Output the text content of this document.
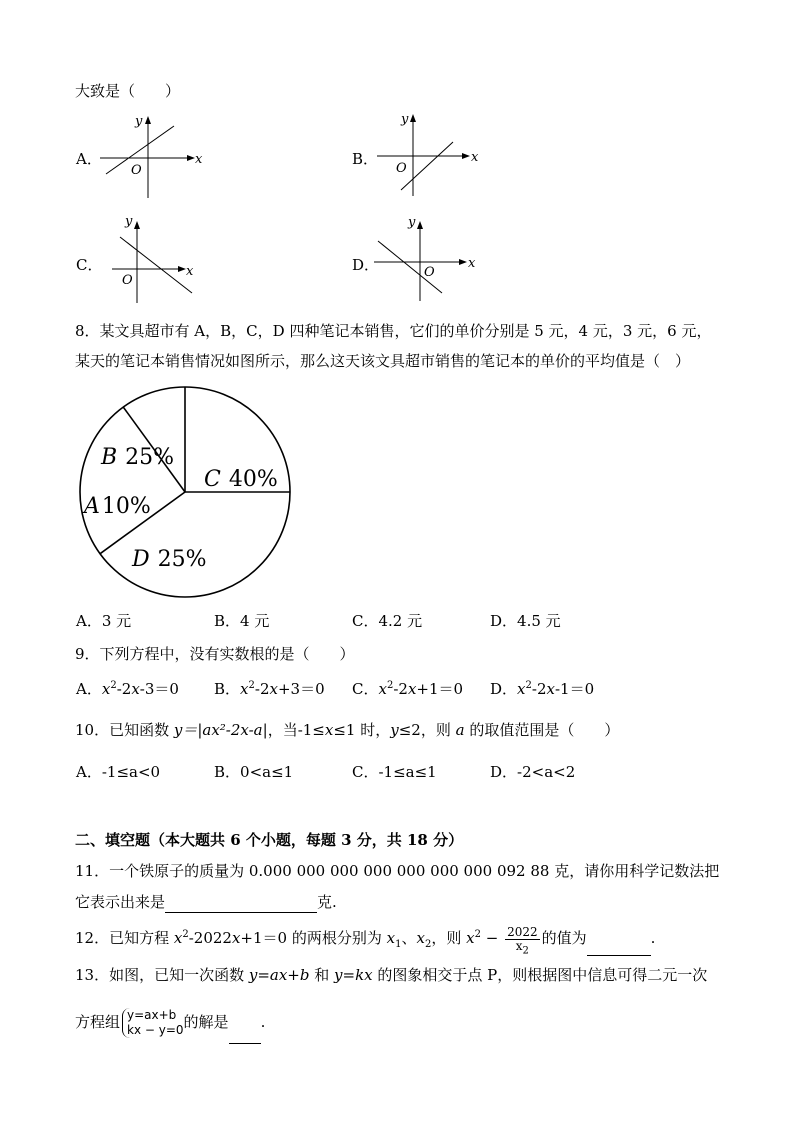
大致是（　　）
A．
y
x
O
B．
y
x
O
C．
y
x
O
D．
y
x
O
8．某文具超市有 A，B，C，D 四种笔记本销售，它们的单价分别是 5 元，4 元，3 元，6 元，
某天的笔记本销售情况如图所示，那么这天该文具超市销售的笔记本的单价的平均值是（　）
B 25%
C 40%
A10%
D 25%
A．3 元	B．4 元	C．4.2 元	D．4.5 元
9．下列方程中，没有实数根的是（　　）
A．$x^2-2x-3=0$ B．$x^2-2x+3=0$ C．$x^2-2x+1=0$ D．$x^2-2x-1=0$
10．已知函数 y＝|ax²-2x-a|，当-1≤x≤1 时，y≤2，则 a 的取值范围是（　　）
A．-1≤a<0	B．0<a≤1	C．-1≤a≤1	D．-2<a<2
二、填空题（本大题共 6 个小题，每题 3 分，共 18 分）
11．一个铁原子的质量为 0.000 000 000 000 000 000 000 092 88 克，请你用科学记数法把
它表示出来是	克.
12．已知方程 $x^2-2022x+1=0$ 的两根分别为 $x_1$、$x_2$，则 $x^2 - \frac{2022}{x_2}$ 的值为	.
13．如图，已知一次函数 y=ax+b 和 y=kx 的图象相交于点 P，则根据图中信息可得二元一次
方程组 y=ax+b
kx − y=0 的解是 .
